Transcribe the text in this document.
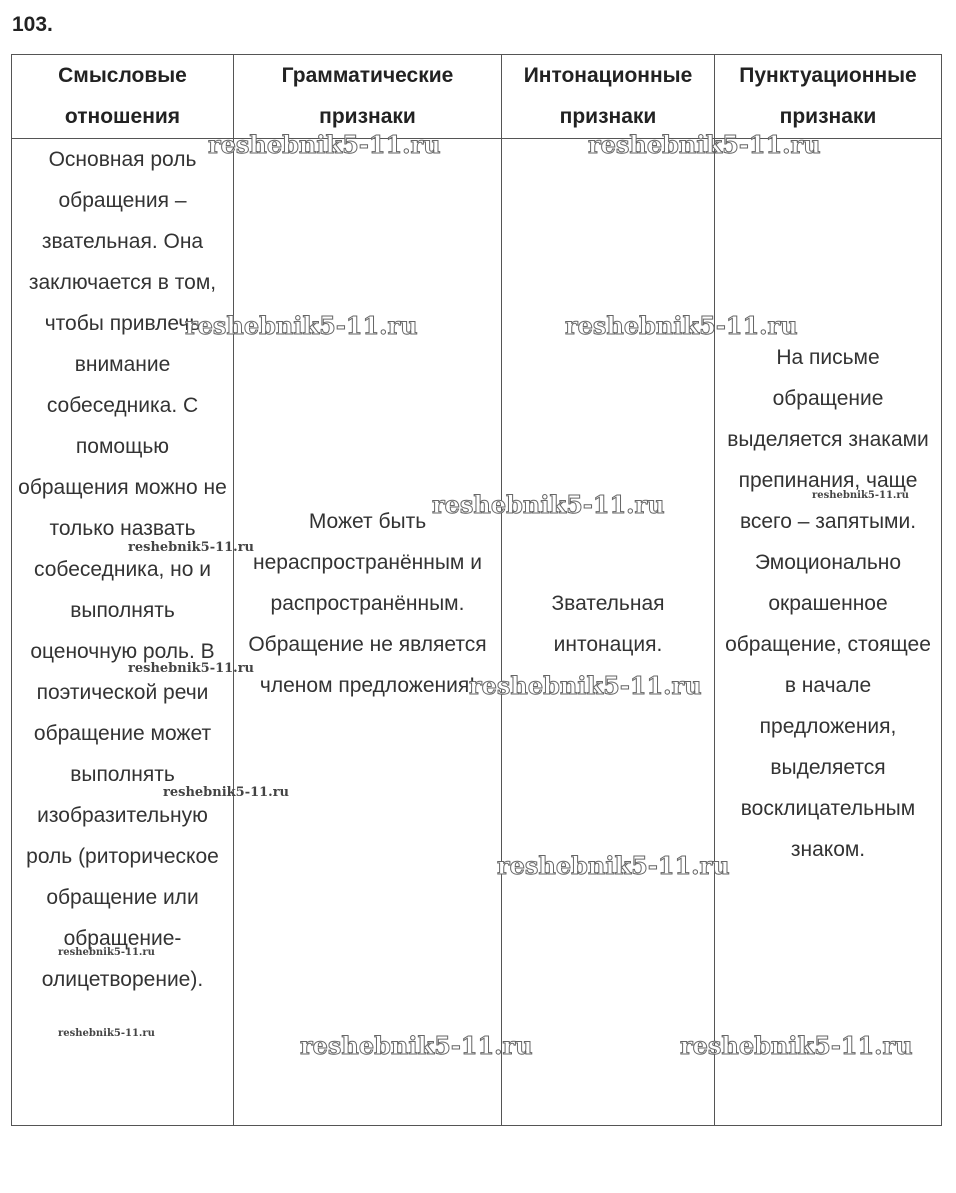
103.
Смысловые отношения	Грамматические признаки	Интонационные признаки	Пунктуационные признаки

Основная роль обращения – звательная. Она заключается в том, чтобы привлечь внимание собеседника. С помощью обращения можно не только назвать собеседника, но и выполнять оценочную роль. В поэтической речи обращение может выполнять изобразительную роль (риторическое обращение или обращение-олицетворение).	Может быть нераспространённым и распространённым. Обращение не является членом предложения!	Звательная интонация.	На письме обращение выделяется знаками препинания, чаще всего – запятыми. Эмоционально окрашенное обращение, стоящее в начале предложения, выделяется восклицательным знаком.
reshebnik5-11.ru	reshebnik5-11.ru
reshebnik5-11.ru	reshebnik5-11.ru
reshebnik5-11.ru
reshebnik5-11.ru
reshebnik5-11.ru
reshebnik5-11.ru	reshebnik5-11.ru
reshebnik5-11.ru
reshebnik5-11.ru
reshebnik5-11.ru
reshebnik5-11.ru
reshebnik5-11.ru
reshebnik5-11.ru
